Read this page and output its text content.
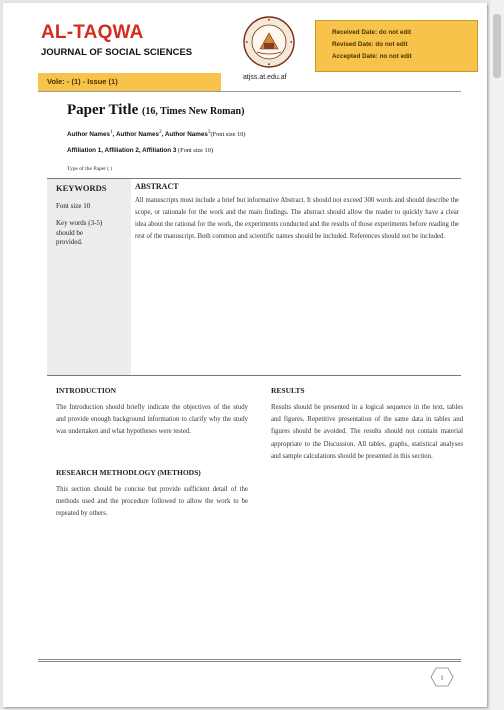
AL-TAQWA
JOURNAL OF SOCIAL SCIENCES
Vole: - (1) - Issue (1)	atjss.at.edu.af
Received Date: do not edit
Revised Date: do not edit
Accepted Date: no not edit
Paper Title (16, Times New Roman)
Author Names$^1$, Author Names$^2$, Author Names$^3$(Font size 10)
Affiliation 1, Affiliation 2, Affiliation 3 (Font size 10)
Type of the Paper ( )
KEYWORDS
Font size 10
Key words (3-5) should be provided.
ABSTRACT
All manuscripts must include a brief but informative Abstract. It should not exceed 300 words and should describe the scope, or rationale for the work and the main findings. The abstract should allow the reader to quickly have a clear idea about the rational for the work, the experiments conducted and the results of those experiments before reading the rest of the manuscript. Both common and scientific names should be included. References should not be included.
INTRODUCTION
The Introduction should briefly indicate the objectives of the study and provide enough background information to clarify why the study was undertaken and what hypotheses were tested.
RESEARCH METHODLOGY (METHODS)
This section should be concise but provide sufficient detail of the methods used and the procedure followed to allow the work to be repeated by others.
RESULTS
Results should be presented in a logical sequence in the text, tables and figures. Repetitive presentation of the same data in tables and figures should be avoided. The results should not contain material appropriate to the Discussion. All tables, graphs, statistical analyses and sample calculations should be presented in this section.
1
